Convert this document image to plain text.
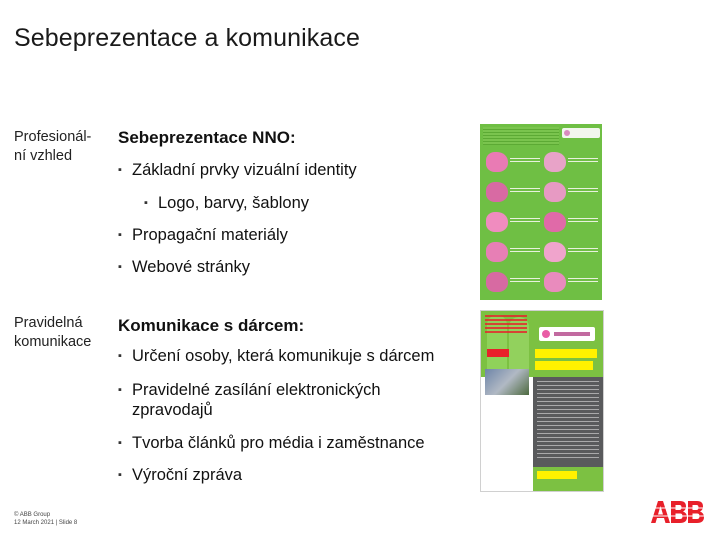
Sebeprezentace a komunikace
Profesionál-
ní vzhled
Sebeprezentace NNO:
▪ Základní prvky vizuální identity
▪ Logo, barvy, šablony
▪ Propagační materiály
▪ Webové stránky
Pravidelná
komunikace
Komunikace s dárcem:
▪ Určení osoby, která komunikuje s dárcem
▪ Pravidelné zasílání elektronických
zpravodajů
▪ Tvorba článků pro média i zaměstnance
▪ Výroční zpráva
© ABB Group
12 March 2021 | Slide 8
